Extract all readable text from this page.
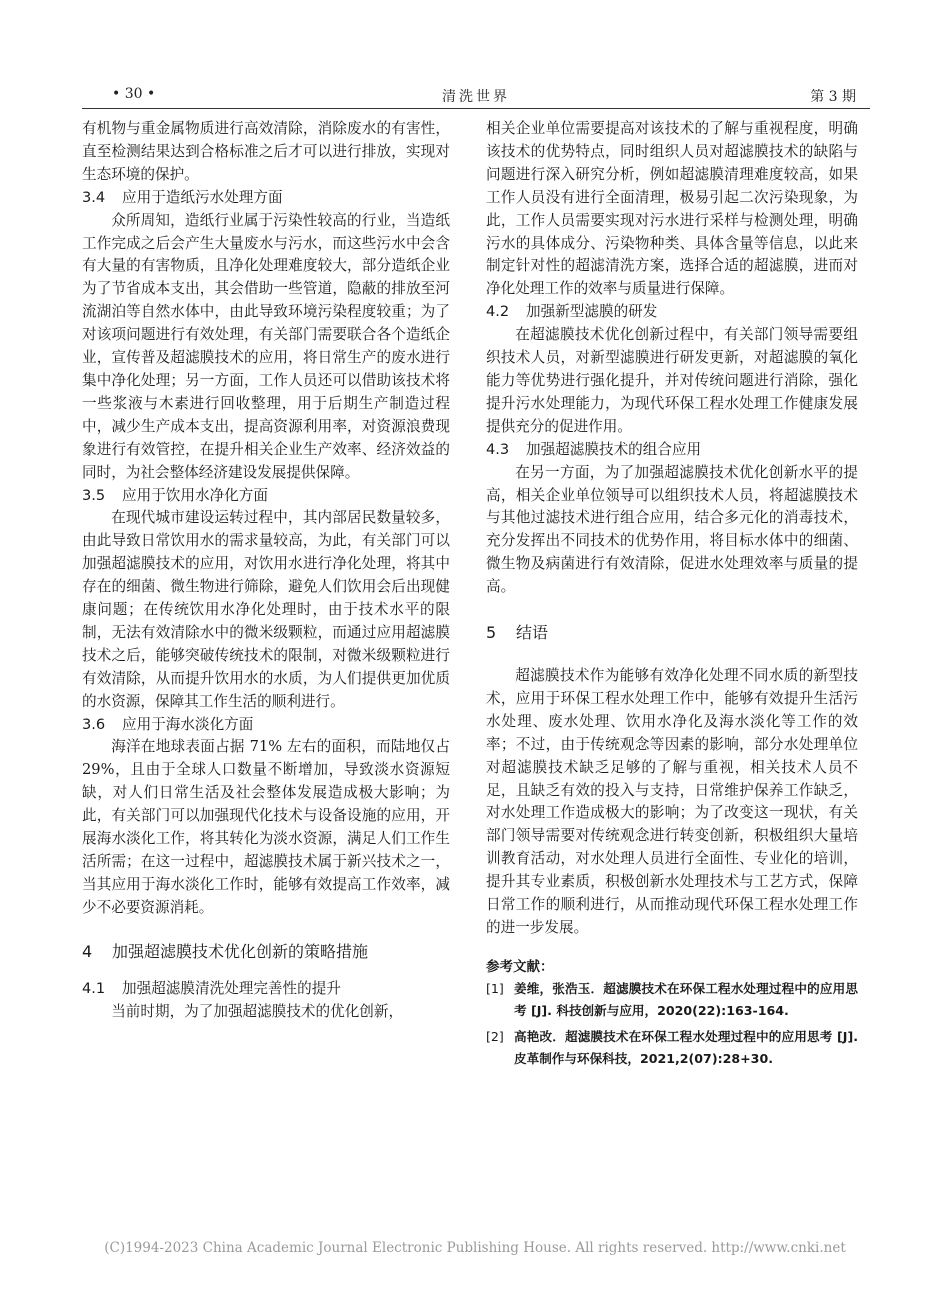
• 30 •	清洗世界	第 3 期

有机物与重金属物质进行高效清除，消除废水的有害性，直至检测结果达到合格标准之后才可以进行排放，实现对生态环境的保护。

3.4 应用于造纸污水处理方面

众所周知，造纸行业属于污染性较高的行业，当造纸工作完成之后会产生大量废水与污水，而这些污水中会含有大量的有害物质，且净化处理难度较大，部分造纸企业为了节省成本支出，其会借助一些管道，隐蔽的排放至河流湖泊等自然水体中，由此导致环境污染程度较重；为了对该项问题进行有效处理，有关部门需要联合各个造纸企业，宣传普及超滤膜技术的应用，将日常生产的废水进行集中净化处理；另一方面，工作人员还可以借助该技术将一些浆液与木素进行回收整理，用于后期生产制造过程中，减少生产成本支出，提高资源利用率，对资源浪费现象进行有效管控，在提升相关企业生产效率、经济效益的同时，为社会整体经济建设发展提供保障。

3.5 应用于饮用水净化方面

在现代城市建设运转过程中，其内部居民数量较多，由此导致日常饮用水的需求量较高，为此，有关部门可以加强超滤膜技术的应用，对饮用水进行净化处理，将其中存在的细菌、微生物进行筛除，避免人们饮用会后出现健康问题；在传统饮用水净化处理时，由于技术水平的限制，无法有效清除水中的微米级颗粒，而通过应用超滤膜技术之后，能够突破传统技术的限制，对微米级颗粒进行有效清除，从而提升饮用水的水质，为人们提供更加优质的水资源，保障其工作生活的顺利进行。

3.6 应用于海水淡化方面

海洋在地球表面占据 71% 左右的面积，而陆地仅占 29%，且由于全球人口数量不断增加，导致淡水资源短缺，对人们日常生活及社会整体发展造成极大影响；为此，有关部门可以加强现代化技术与设备设施的应用，开展海水淡化工作，将其转化为淡水资源，满足人们工作生活所需；在这一过程中，超滤膜技术属于新兴技术之一，当其应用于海水淡化工作时，能够有效提高工作效率，减少不必要资源消耗。

4 加强超滤膜技术优化创新的策略措施
4.1 加强超滤膜清洗处理完善性的提升

当前时期，为了加强超滤膜技术的优化创新，

相关企业单位需要提高对该技术的了解与重视程度，明确该技术的优势特点，同时组织人员对超滤膜技术的缺陷与问题进行深入研究分析，例如超滤膜清理难度较高，如果工作人员没有进行全面清理，极易引起二次污染现象，为此，工作人员需要实现对污水进行采样与检测处理，明确污水的具体成分、污染物种类、具体含量等信息，以此来制定针对性的超滤清洗方案，选择合适的超滤膜，进而对净化处理工作的效率与质量进行保障。

4.2 加强新型滤膜的研发

在超滤膜技术优化创新过程中，有关部门领导需要组织技术人员，对新型滤膜进行研发更新，对超滤膜的氧化能力等优势进行强化提升，并对传统问题进行消除，强化提升污水处理能力，为现代环保工程水处理工作健康发展提供充分的促进作用。

4.3 加强超滤膜技术的组合应用

在另一方面，为了加强超滤膜技术优化创新水平的提高，相关企业单位领导可以组织技术人员，将超滤膜技术与其他过滤技术进行组合应用，结合多元化的消毒技术，充分发挥出不同技术的优势作用，将目标水体中的细菌、微生物及病菌进行有效清除，促进水处理效率与质量的提高。

5 结语

超滤膜技术作为能够有效净化处理不同水质的新型技术，应用于环保工程水处理工作中，能够有效提升生活污水处理、废水处理、饮用水净化及海水淡化等工作的效率；不过，由于传统观念等因素的影响，部分水处理单位对超滤膜技术缺乏足够的了解与重视，相关技术人员不足，且缺乏有效的投入与支持，日常维护保养工作缺乏，对水处理工作造成极大的影响；为了改变这一现状，有关部门领导需要对传统观念进行转变创新，积极组织大量培训教育活动，对水处理人员进行全面性、专业化的培训，提升其专业素质，积极创新水处理技术与工艺方式，保障日常工作的顺利进行，从而推动现代环保工程水处理工作的进一步发展。

参考文献：

[1] 姜维，张浩玉．超滤膜技术在环保工程水处理过程中的应用思考 [J]. 科技创新与应用，2020(22):163-164.

[2] 高艳改．超滤膜技术在环保工程水处理过程中的应用思考 [J]. 皮革制作与环保科技，2021,2(07):28+30.

(C)1994-2023 China Academic Journal Electronic Publishing House. All rights reserved. http://www.cnki.net
